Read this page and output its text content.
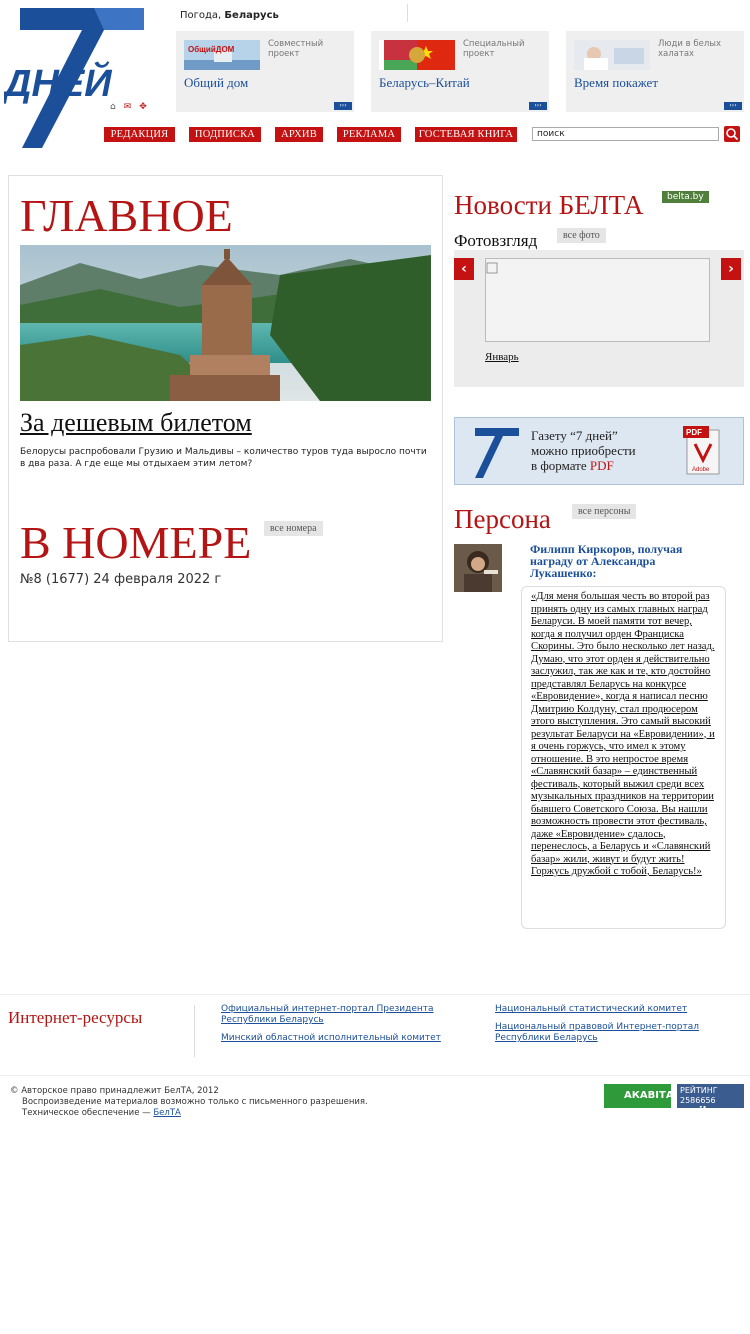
ДНЕЙ
⌂ ✉ ✥
Погода, Беларусь
ОбщийДОМ
Совместный проект
Общий дом
›››
Специальный проект
Беларусь–Китай
›››
Люди в белых халатах
Время покажет
›››
РЕДАКЦИЯ	ПОДПИСКА	АРХИВ	РЕКЛАМА	ГОСТЕВАЯ КНИГА
поиск
ГЛАВНОЕ
За дешевым билетом
Белорусы распробовали Грузию и Мальдивы – количество туров туда выросло почти в два раза. А где еще мы отдыхаем этим летом?
В НОМЕРЕ	все номера
№8 (1677) 24 февраля 2022 г
Новости БЕЛТА	belta.by
Фотовзгляд	все фото
‹	›
Январь
Газету “7 дней”
можно приобрести
в формате PDF
PDF
Adobe
Персона	все персоны
Филипп Киркоров, получая награду от Александра Лукашенко:
«Для меня большая честь во второй раз принять одну из самых главных наград Беларуси. В моей памяти тот вечер, когда я получил орден Франциска Скорины. Это было несколько лет назад. Думаю, что этот орден я действительно заслужил, так же как и те, кто достойно представлял Беларусь на конкурсе «Евровидение», когда я написал песню Дмитрию Колдуну, стал продюсером этого выступления. Это самый высокий результат Беларуси на «Евровидении», и я очень горжусь, что имел к этому отношение. В это непростое время «Славянский базар» – единственный фестиваль, который выжил среди всех музыкальных праздников на территории бывшего Советского Союза. Вы нашли возможность провести этот фестиваль, даже «Евровидение» сдалось, перенеслось, а Беларусь и «Славянский базар» жили, живут и будут жить! Горжусь дружбой с тобой, Беларусь!»
Интернет-ресурсы	Официальный интернет-портал Президента Республики Беларусь
Минский областной исполнительный комитет
Национальный статистический комитет
Национальный правовой Интернет-портал Республики Беларусь
© Авторское право принадлежит БелТА, 2012
Воспроизведение материалов возможно только с письменного разрешения.
Техническое обеспечение — БелТА
АКАВІТА РЕЙТИНГ 2586656
mail.ru
